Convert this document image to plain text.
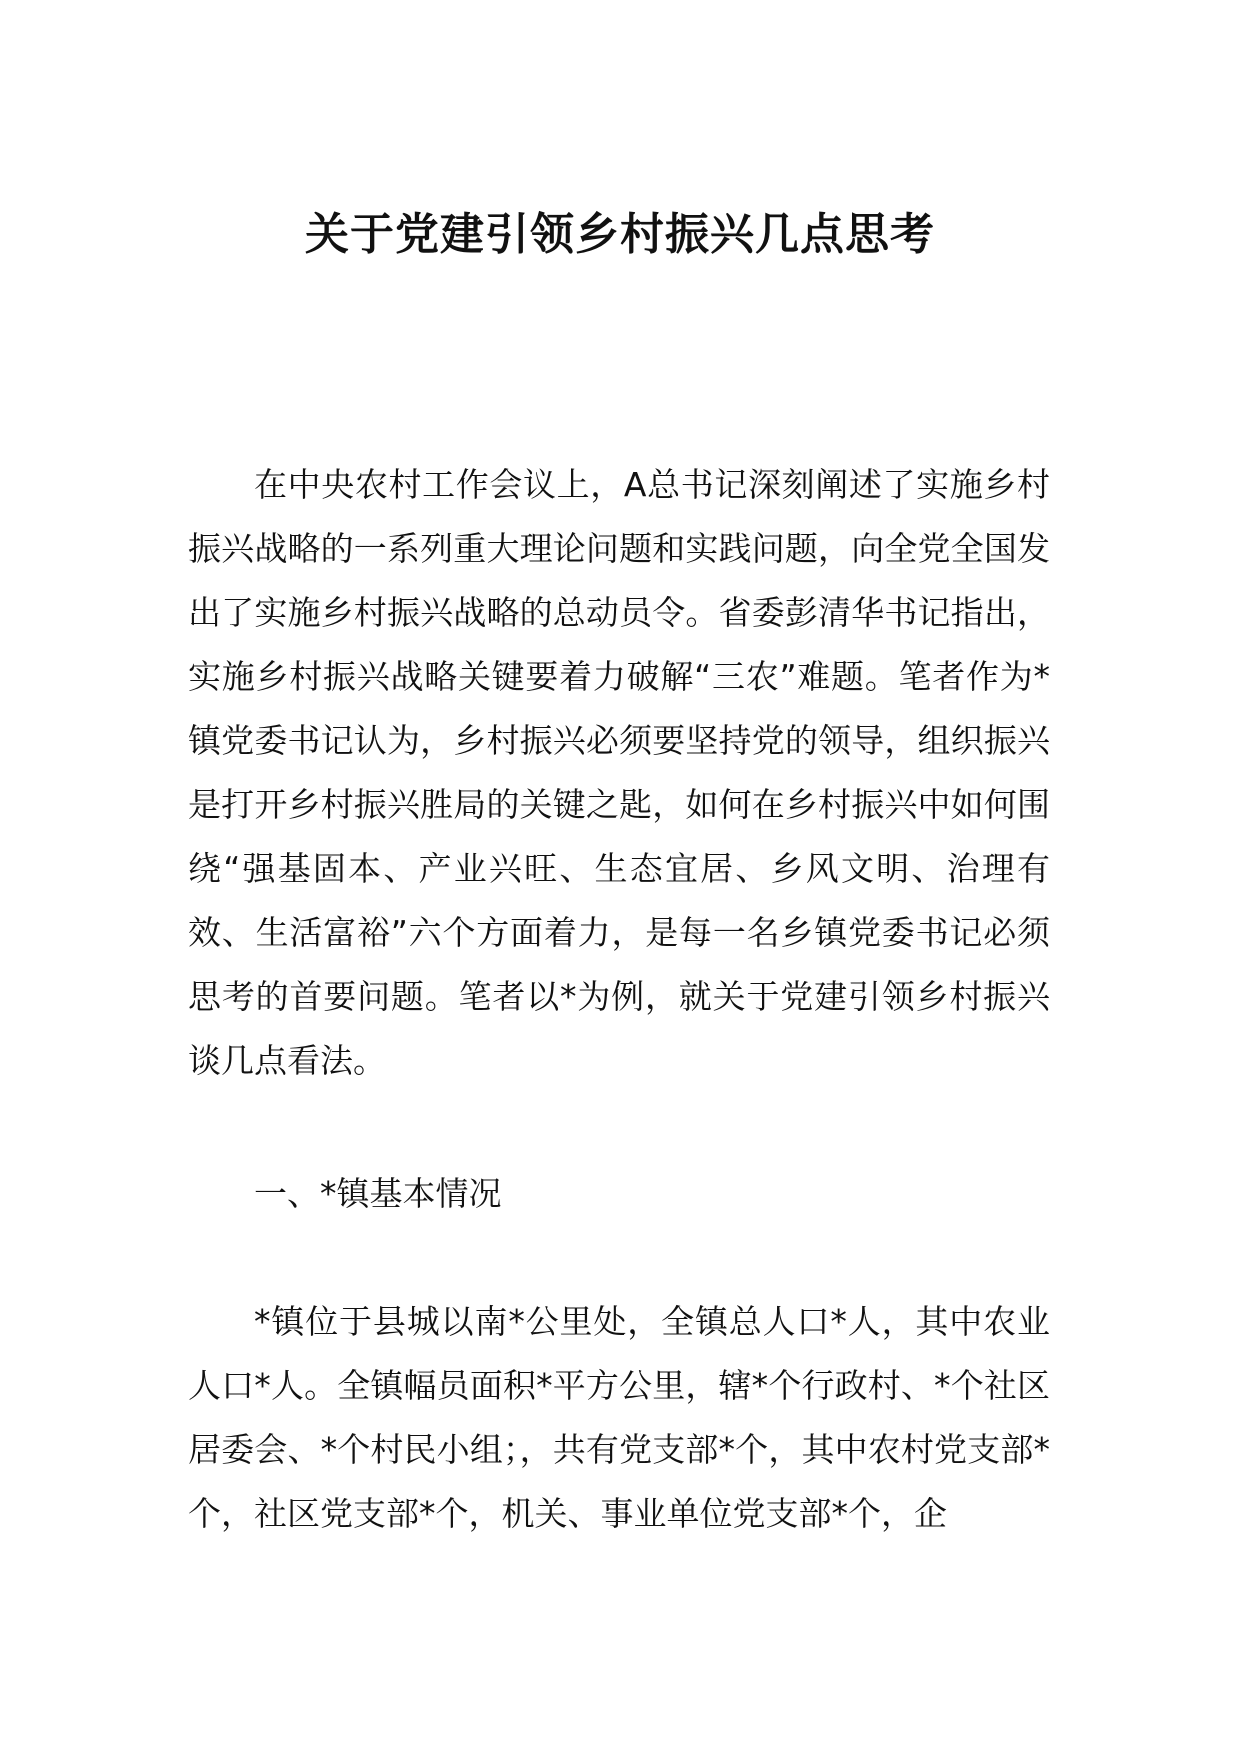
关于党建引领乡村振兴几点思考

在中央农村工作会议上，A总书记深刻阐述了实施乡村振兴战略的一系列重大理论问题和实践问题，向全党全国发出了实施乡村振兴战略的总动员令。省委彭清华书记指出，实施乡村振兴战略关键要着力破解“三农”难题。笔者作为*镇党委书记认为，乡村振兴必须要坚持党的领导，组织振兴是打开乡村振兴胜局的关键之匙，如何在乡村振兴中如何围绕“强基固本、产业兴旺、生态宜居、乡风文明、治理有效、生活富裕”六个方面着力，是每一名乡镇党委书记必须思考的首要问题。笔者以*为例，就关于党建引领乡村振兴谈几点看法。

一、*镇基本情况

*镇位于县城以南*公里处，全镇总人口*人，其中农业人口*人。全镇幅员面积*平方公里，辖*个行政村、*个社区居委会、*个村民小组；，共有党支部*个，其中农村党支部*个，社区党支部*个，机关、事业单位党支部*个，企
